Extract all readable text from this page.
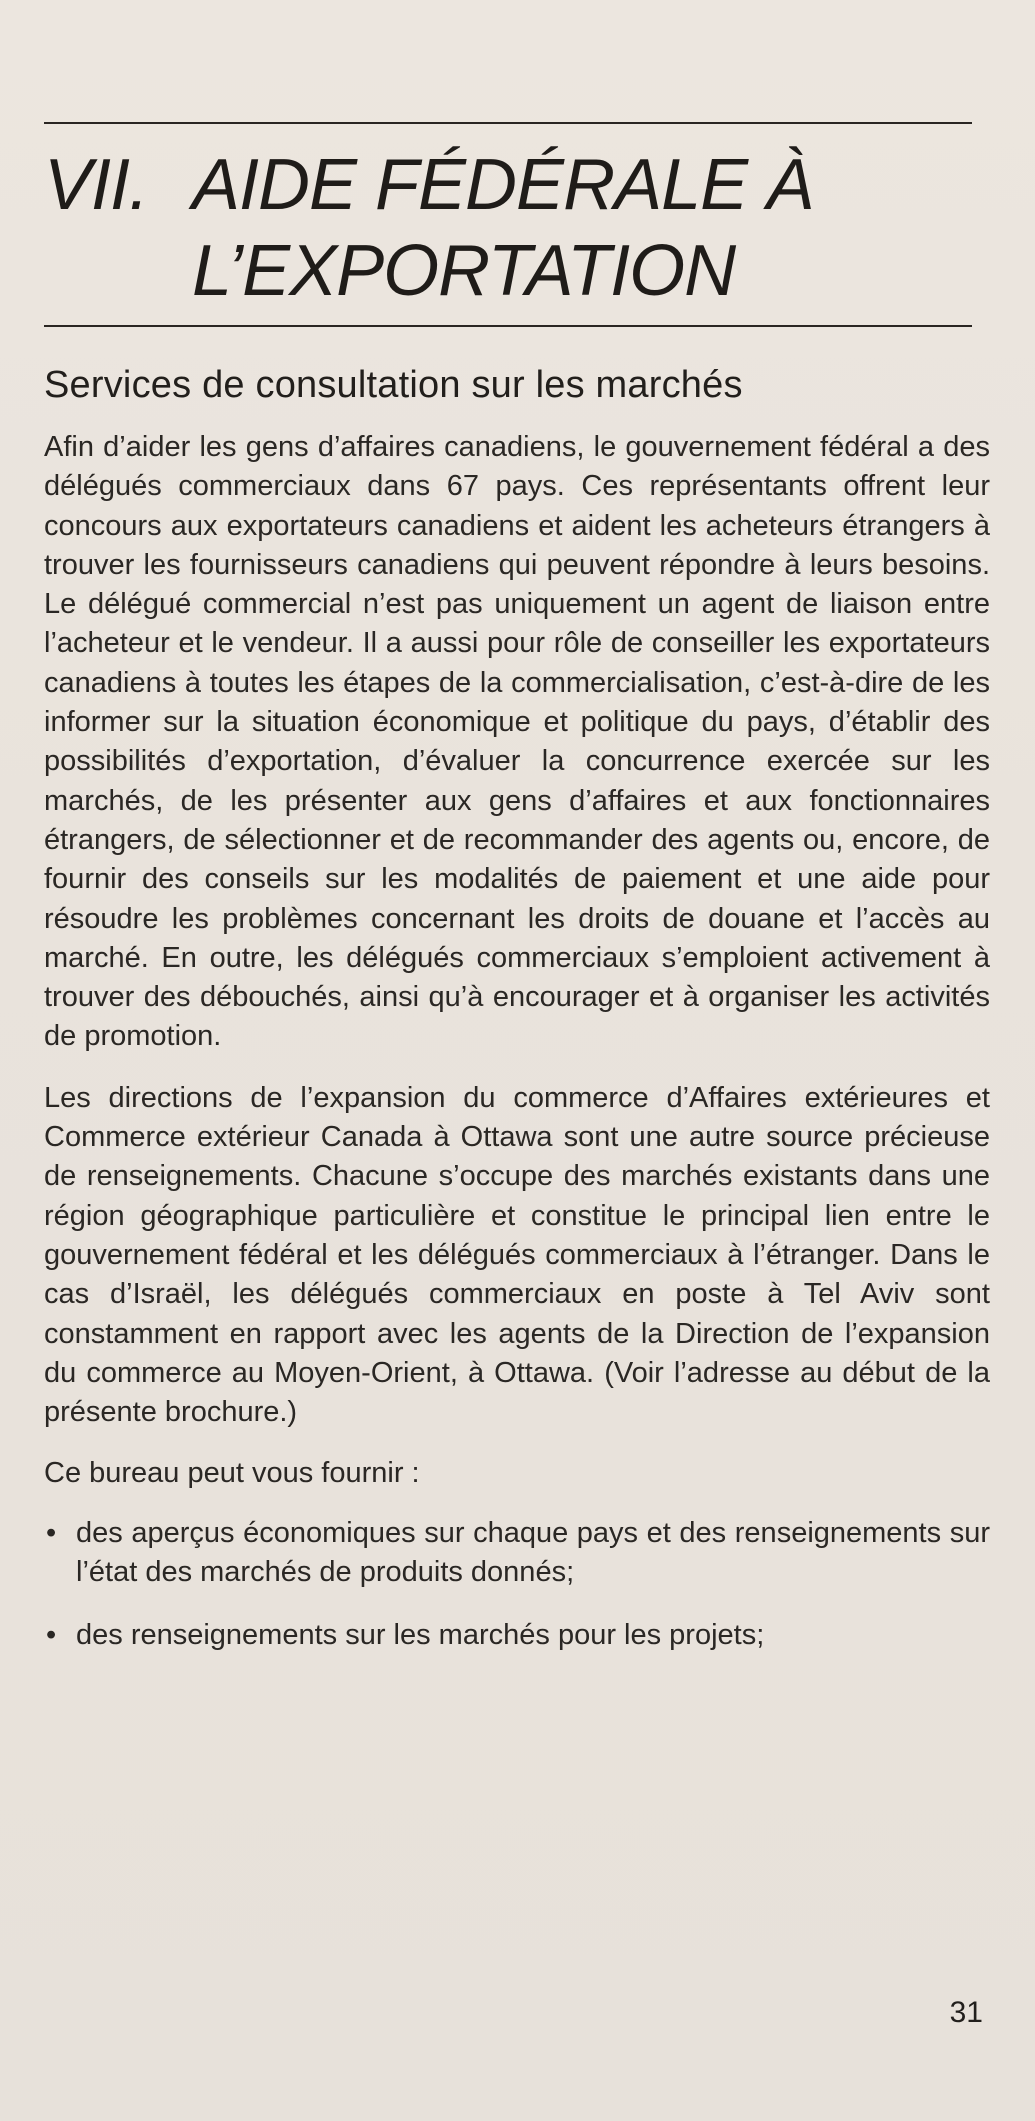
VII. AIDE FÉDÉRALE À
L’EXPORTATION
Services de consultation sur les marchés

Afin d’aider les gens d’affaires canadiens, le gouvernement fédéral a des délégués commerciaux dans 67 pays. Ces représentants offrent leur concours aux exportateurs canadiens et aident les acheteurs étrangers à trouver les fournisseurs canadiens qui peuvent répondre à leurs besoins. Le délégué commercial n’est pas uniquement un agent de liaison entre l’acheteur et le vendeur. Il a aussi pour rôle de conseiller les exportateurs canadiens à toutes les étapes de la commercialisation, c’est-à-dire de les informer sur la situation économique et politique du pays, d’établir des possibilités d’exportation, d’évaluer la concurrence exercée sur les marchés, de les présenter aux gens d’affaires et aux fonctionnaires étrangers, de sélectionner et de recommander des agents ou, encore, de fournir des conseils sur les modalités de paiement et une aide pour résoudre les problèmes concernant les droits de douane et l’accès au marché. En outre, les délégués commerciaux s’emploient activement à trouver des débouchés, ainsi qu’à encourager et à organiser les activités de promotion.

Les directions de l’expansion du commerce d’Affaires extérieures et Commerce extérieur Canada à Ottawa sont une autre source précieuse de renseignements. Chacune s’occupe des marchés existants dans une région géographique particulière et constitue le principal lien entre le gouvernement fédéral et les délégués commerciaux à l’étranger. Dans le cas d’Israël, les délégués commerciaux en poste à Tel Aviv sont constamment en rapport avec les agents de la Direction de l’expansion du commerce au Moyen-Orient, à Ottawa. (Voir l’adresse au début de la présente brochure.)

Ce bureau peut vous fournir :

• des aperçus économiques sur chaque pays et des renseignements sur l’état des marchés de produits donnés;
• des renseignements sur les marchés pour les projets;
31
